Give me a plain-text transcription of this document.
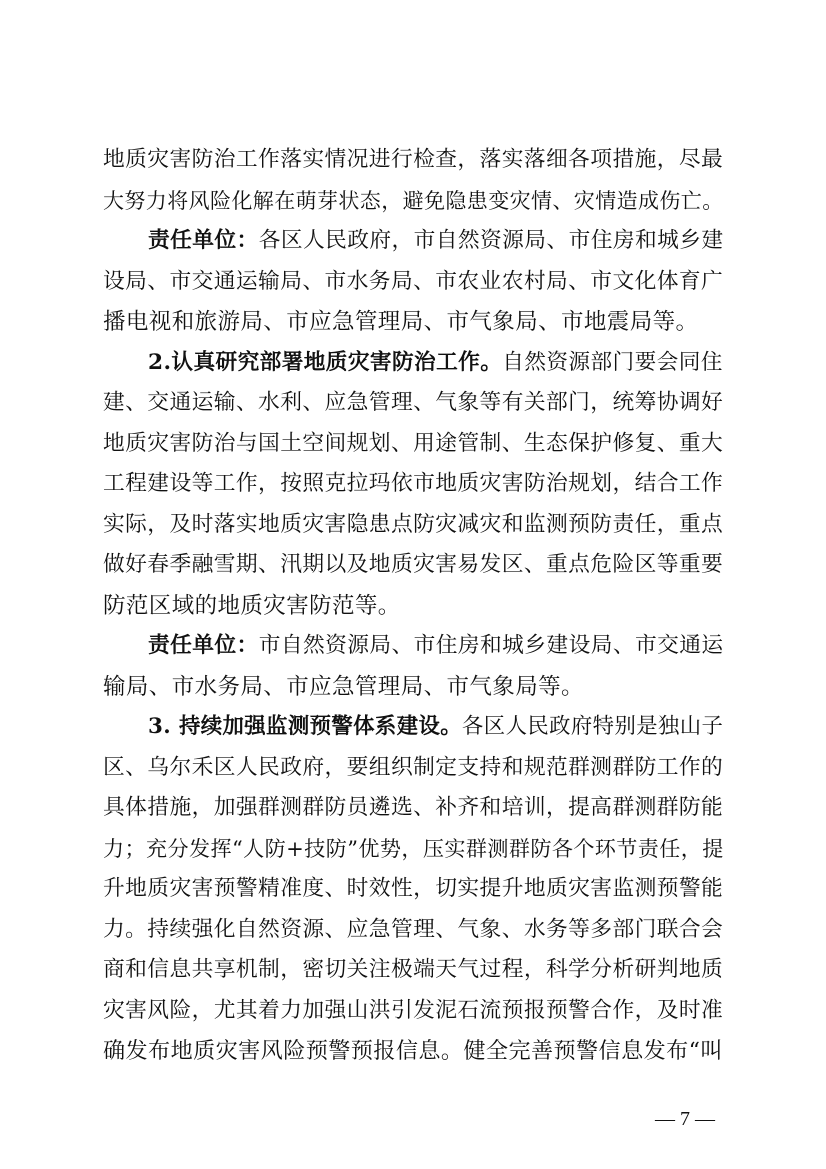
地质灾害防治工作落实情况进行检查，落实落细各项措施，尽最
大努力将风险化解在萌芽状态，避免隐患变灾情、灾情造成伤亡。
责任单位：各区人民政府，市自然资源局、市住房和城乡建
设局、市交通运输局、市水务局、市农业农村局、市文化体育广
播电视和旅游局、市应急管理局、市气象局、市地震局等。
2.认真研究部署地质灾害防治工作。自然资源部门要会同住
建、交通运输、水利、应急管理、气象等有关部门，统筹协调好
地质灾害防治与国土空间规划、用途管制、生态保护修复、重大
工程建设等工作，按照克拉玛依市地质灾害防治规划，结合工作
实际，及时落实地质灾害隐患点防灾减灾和监测预防责任，重点
做好春季融雪期、汛期以及地质灾害易发区、重点危险区等重要
防范区域的地质灾害防范等。
责任单位：市自然资源局、市住房和城乡建设局、市交通运
输局、市水务局、市应急管理局、市气象局等。
3. 持续加强监测预警体系建设。各区人民政府特别是独山子
区、乌尔禾区人民政府，要组织制定支持和规范群测群防工作的
具体措施，加强群测群防员遴选、补齐和培训，提高群测群防能
力；充分发挥“人防+技防”优势，压实群测群防各个环节责任，提
升地质灾害预警精准度、时效性，切实提升地质灾害监测预警能
力。持续强化自然资源、应急管理、气象、水务等多部门联合会
商和信息共享机制，密切关注极端天气过程，科学分析研判地质
灾害风险，尤其着力加强山洪引发泥石流预报预警合作，及时准
确发布地质灾害风险预警预报信息。健全完善预警信息发布“叫
— 7 —
